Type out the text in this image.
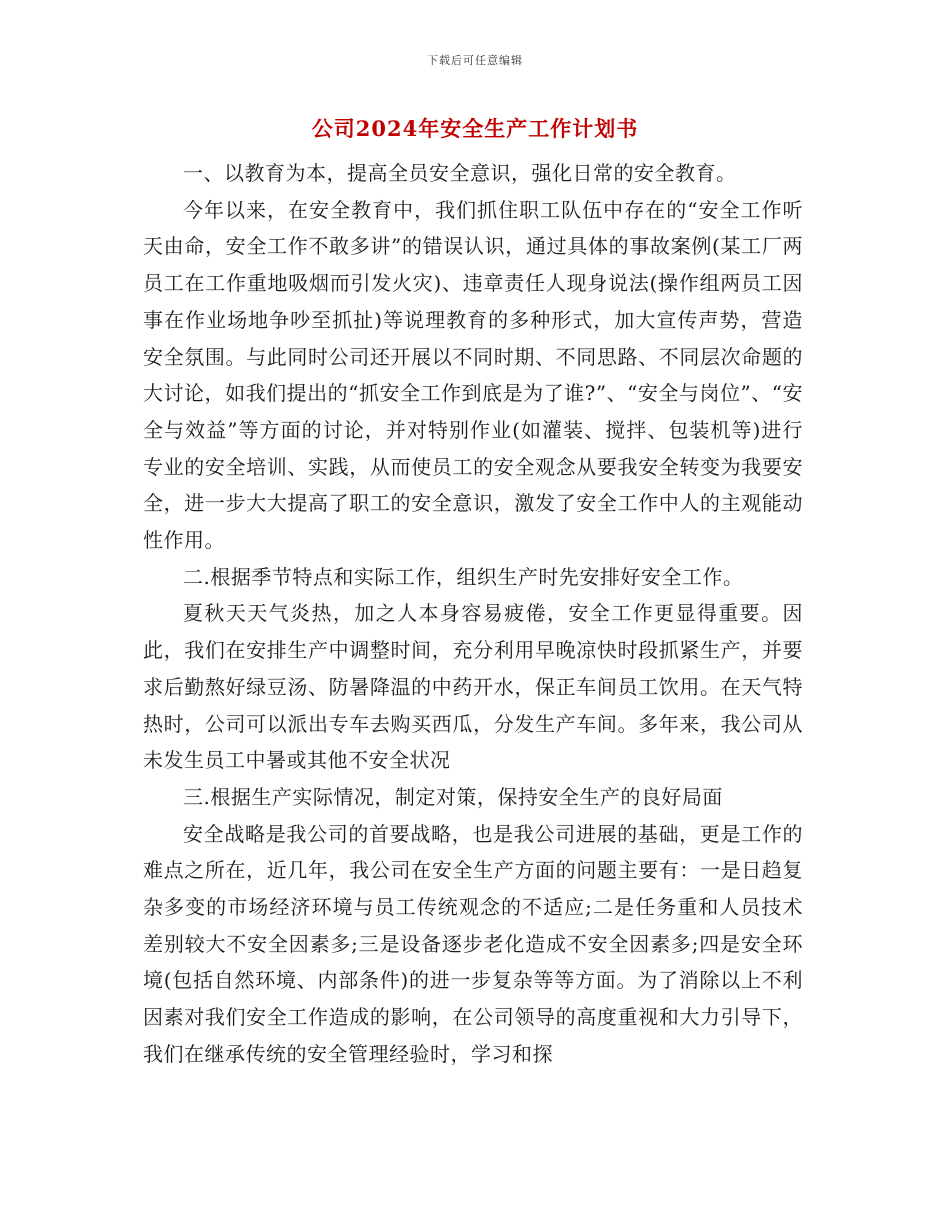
下载后可任意编辑
公司2024年安全生产工作计划书

一、以教育为本，提高全员安全意识，强化日常的安全教育。

今年以来，在安全教育中，我们抓住职工队伍中存在的“安全工作听天由命，安全工作不敢多讲”的错误认识，通过具体的事故案例(某工厂两员工在工作重地吸烟而引发火灾)、违章责任人现身说法(操作组两员工因事在作业场地争吵至抓扯)等说理教育的多种形式，加大宣传声势，营造安全氛围。与此同时公司还开展以不同时期、不同思路、不同层次命题的大讨论，如我们提出的“抓安全工作到底是为了谁?”、“安全与岗位”、“安全与效益”等方面的讨论，并对特别作业(如灌装、搅拌、包装机等)进行专业的安全培训、实践，从而使员工的安全观念从要我安全转变为我要安全，进一步大大提高了职工的安全意识，激发了安全工作中人的主观能动性作用。

二.根据季节特点和实际工作，组织生产时先安排好安全工作。

夏秋天天气炎热，加之人本身容易疲倦，安全工作更显得重要。因此，我们在安排生产中调整时间，充分利用早晚凉快时段抓紧生产，并要求后勤熬好绿豆汤、防暑降温的中药开水，保正车间员工饮用。在天气特热时，公司可以派出专车去购买西瓜，分发生产车间。多年来，我公司从未发生员工中暑或其他不安全状况

三.根据生产实际情况，制定对策，保持安全生产的良好局面

安全战略是我公司的首要战略，也是我公司进展的基础，更是工作的难点之所在，近几年，我公司在安全生产方面的问题主要有：一是日趋复杂多变的市场经济环境与员工传统观念的不适应;二是任务重和人员技术差别较大不安全因素多;三是设备逐步老化造成不安全因素多;四是安全环境(包括自然环境、内部条件)的进一步复杂等等方面。为了消除以上不利因素对我们安全工作造成的影响，在公司领导的高度重视和大力引导下，我们在继承传统的安全管理经验时，学习和探
